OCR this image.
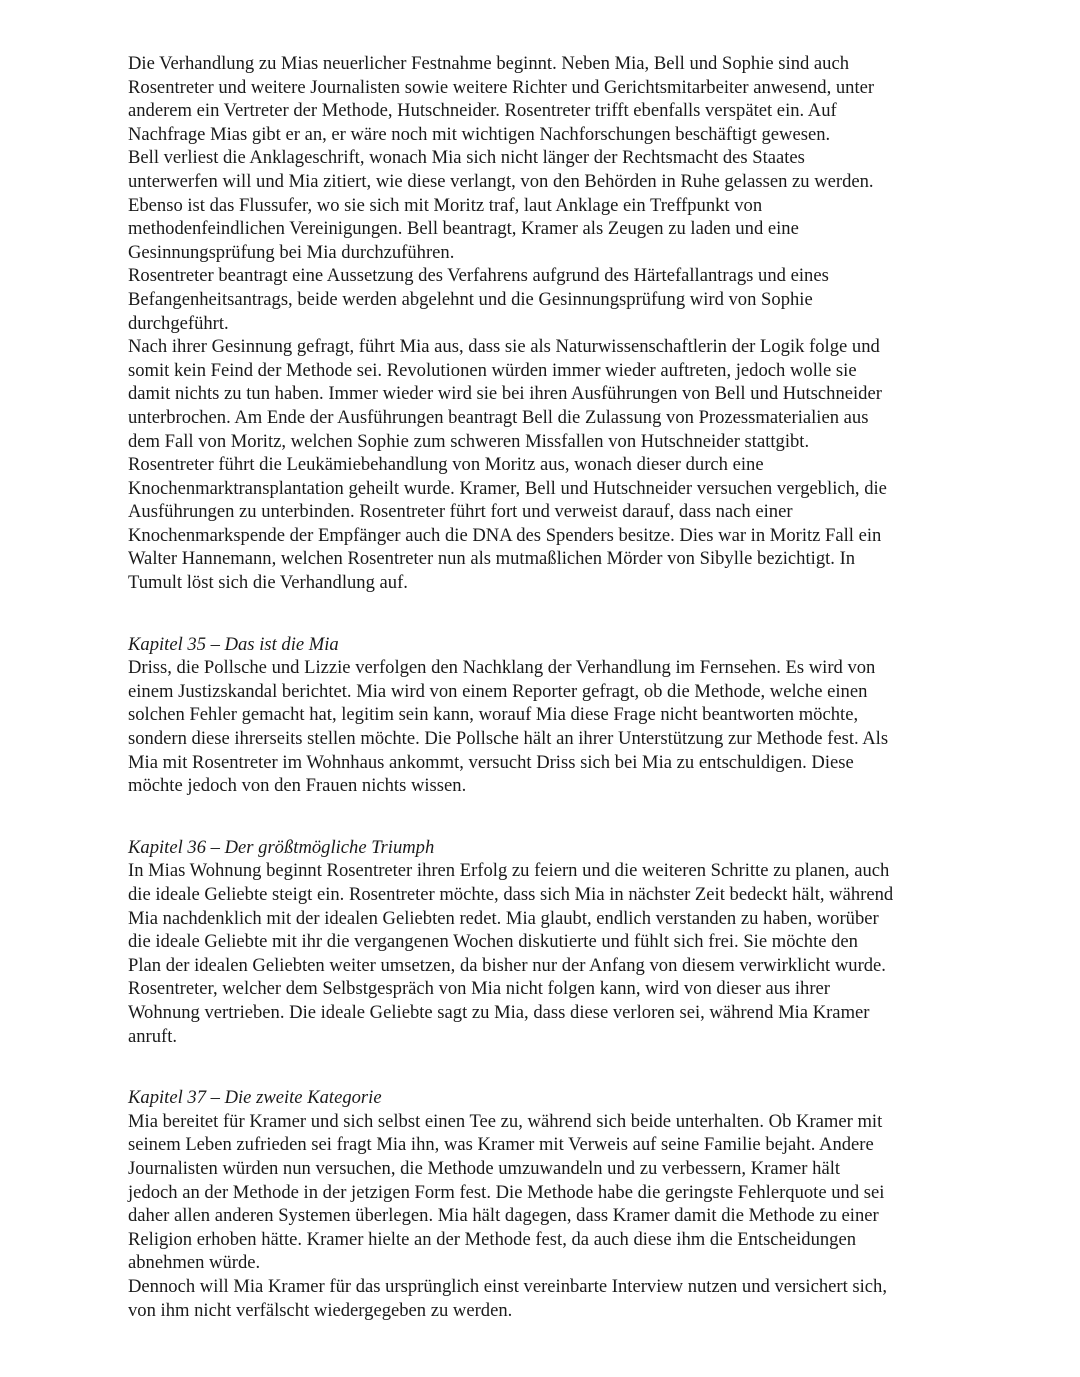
Die Verhandlung zu Mias neuerlicher Festnahme beginnt. Neben Mia, Bell und Sophie sind auch
Rosentreter und weitere Journalisten sowie weitere Richter und Gerichtsmitarbeiter anwesend, unter
anderem ein Vertreter der Methode, Hutschneider. Rosentreter trifft ebenfalls verspätet ein. Auf
Nachfrage Mias gibt er an, er wäre noch mit wichtigen Nachforschungen beschäftigt gewesen.

Bell verliest die Anklageschrift, wonach Mia sich nicht länger der Rechtsmacht des Staates
unterwerfen will und Mia zitiert, wie diese verlangt, von den Behörden in Ruhe gelassen zu werden.
Ebenso ist das Flussufer, wo sie sich mit Moritz traf, laut Anklage ein Treffpunkt von
methodenfeindlichen Vereinigungen. Bell beantragt, Kramer als Zeugen zu laden und eine
Gesinnungsprüfung bei Mia durchzuführen.

Rosentreter beantragt eine Aussetzung des Verfahrens aufgrund des Härtefallantrags und eines
Befangenheitsantrags, beide werden abgelehnt und die Gesinnungsprüfung wird von Sophie
durchgeführt.

Nach ihrer Gesinnung gefragt, führt Mia aus, dass sie als Naturwissenschaftlerin der Logik folge und
somit kein Feind der Methode sei. Revolutionen würden immer wieder auftreten, jedoch wolle sie
damit nichts zu tun haben. Immer wieder wird sie bei ihren Ausführungen von Bell und Hutschneider
unterbrochen. Am Ende der Ausführungen beantragt Bell die Zulassung von Prozessmaterialien aus
dem Fall von Moritz, welchen Sophie zum schweren Missfallen von Hutschneider stattgibt.

Rosentreter führt die Leukämiebehandlung von Moritz aus, wonach dieser durch eine
Knochenmarktransplantation geheilt wurde. Kramer, Bell und Hutschneider versuchen vergeblich, die
Ausführungen zu unterbinden. Rosentreter führt fort und verweist darauf, dass nach einer
Knochenmarkspende der Empfänger auch die DNA des Spenders besitze. Dies war in Moritz Fall ein
Walter Hannemann, welchen Rosentreter nun als mutmaßlichen Mörder von Sibylle bezichtigt. In
Tumult löst sich die Verhandlung auf.

Kapitel 35 – Das ist die Mia

Driss, die Pollsche und Lizzie verfolgen den Nachklang der Verhandlung im Fernsehen. Es wird von
einem Justizskandal berichtet. Mia wird von einem Reporter gefragt, ob die Methode, welche einen
solchen Fehler gemacht hat, legitim sein kann, worauf Mia diese Frage nicht beantworten möchte,
sondern diese ihrerseits stellen möchte. Die Pollsche hält an ihrer Unterstützung zur Methode fest. Als
Mia mit Rosentreter im Wohnhaus ankommt, versucht Driss sich bei Mia zu entschuldigen. Diese
möchte jedoch von den Frauen nichts wissen.

Kapitel 36 – Der größtmögliche Triumph

In Mias Wohnung beginnt Rosentreter ihren Erfolg zu feiern und die weiteren Schritte zu planen, auch
die ideale Geliebte steigt ein. Rosentreter möchte, dass sich Mia in nächster Zeit bedeckt hält, während
Mia nachdenklich mit der idealen Geliebten redet. Mia glaubt, endlich verstanden zu haben, worüber
die ideale Geliebte mit ihr die vergangenen Wochen diskutierte und fühlt sich frei. Sie möchte den
Plan der idealen Geliebten weiter umsetzen, da bisher nur der Anfang von diesem verwirklicht wurde.
Rosentreter, welcher dem Selbstgespräch von Mia nicht folgen kann, wird von dieser aus ihrer
Wohnung vertrieben. Die ideale Geliebte sagt zu Mia, dass diese verloren sei, während Mia Kramer
anruft.

Kapitel 37 – Die zweite Kategorie

Mia bereitet für Kramer und sich selbst einen Tee zu, während sich beide unterhalten. Ob Kramer mit
seinem Leben zufrieden sei fragt Mia ihn, was Kramer mit Verweis auf seine Familie bejaht. Andere
Journalisten würden nun versuchen, die Methode umzuwandeln und zu verbessern, Kramer hält
jedoch an der Methode in der jetzigen Form fest. Die Methode habe die geringste Fehlerquote und sei
daher allen anderen Systemen überlegen. Mia hält dagegen, dass Kramer damit die Methode zu einer
Religion erhoben hätte. Kramer hielte an der Methode fest, da auch diese ihm die Entscheidungen
abnehmen würde.

Dennoch will Mia Kramer für das ursprünglich einst vereinbarte Interview nutzen und versichert sich,
von ihm nicht verfälscht wiedergegeben zu werden.
